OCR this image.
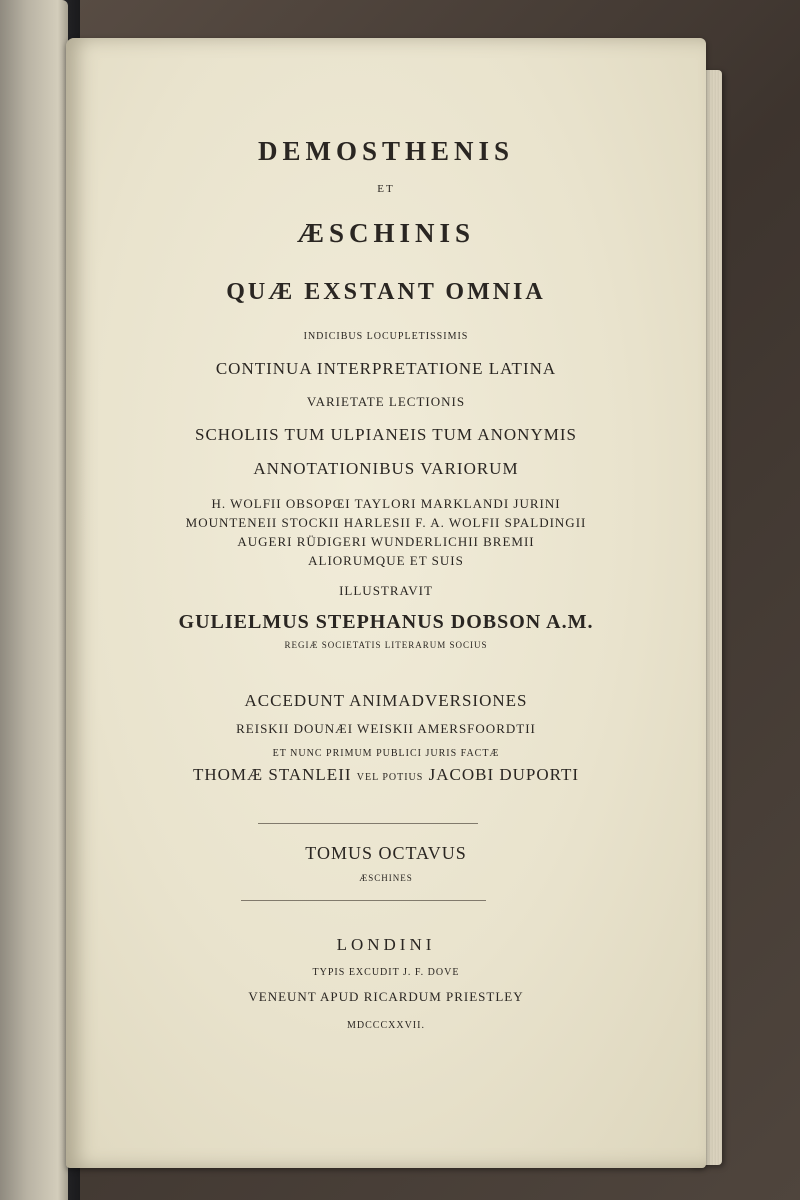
DEMOSTHENIS
ET
ÆSCHINIS
QUÆ EXSTANT OMNIA
INDICIBUS LOCUPLETISSIMIS
CONTINUA INTERPRETATIONE LATINA
VARIETATE LECTIONIS
SCHOLIIS TUM ULPIANEIS TUM ANONYMIS
ANNOTATIONIBUS VARIORUM
H. WOLFII OBSOPŒI TAYLORI MARKLANDI JURINI
MOUNTENEII STOCKII HARLESII F. A. WOLFII SPALDINGII
AUGERI RÜDIGERI WUNDERLICHII BREMII
ALIORUMQUE ET SUIS
ILLUSTRAVIT
GULIELMUS STEPHANUS DOBSON A.M.
REGIÆ SOCIETATIS LITERARUM SOCIUS
ACCEDUNT ANIMADVERSIONES
REISKII DOUNÆI WEISKII AMERSFOORDTII
ET NUNC PRIMUM PUBLICI JURIS FACTÆ
THOMÆ STANLEII VEL POTIUS JACOBI DUPORTI
TOMUS OCTAVUS
ÆSCHINES
LONDINI
TYPIS EXCUDIT J. F. DOVE
VENEUNT APUD RICARDUM PRIESTLEY
MDCCCXXVII.
